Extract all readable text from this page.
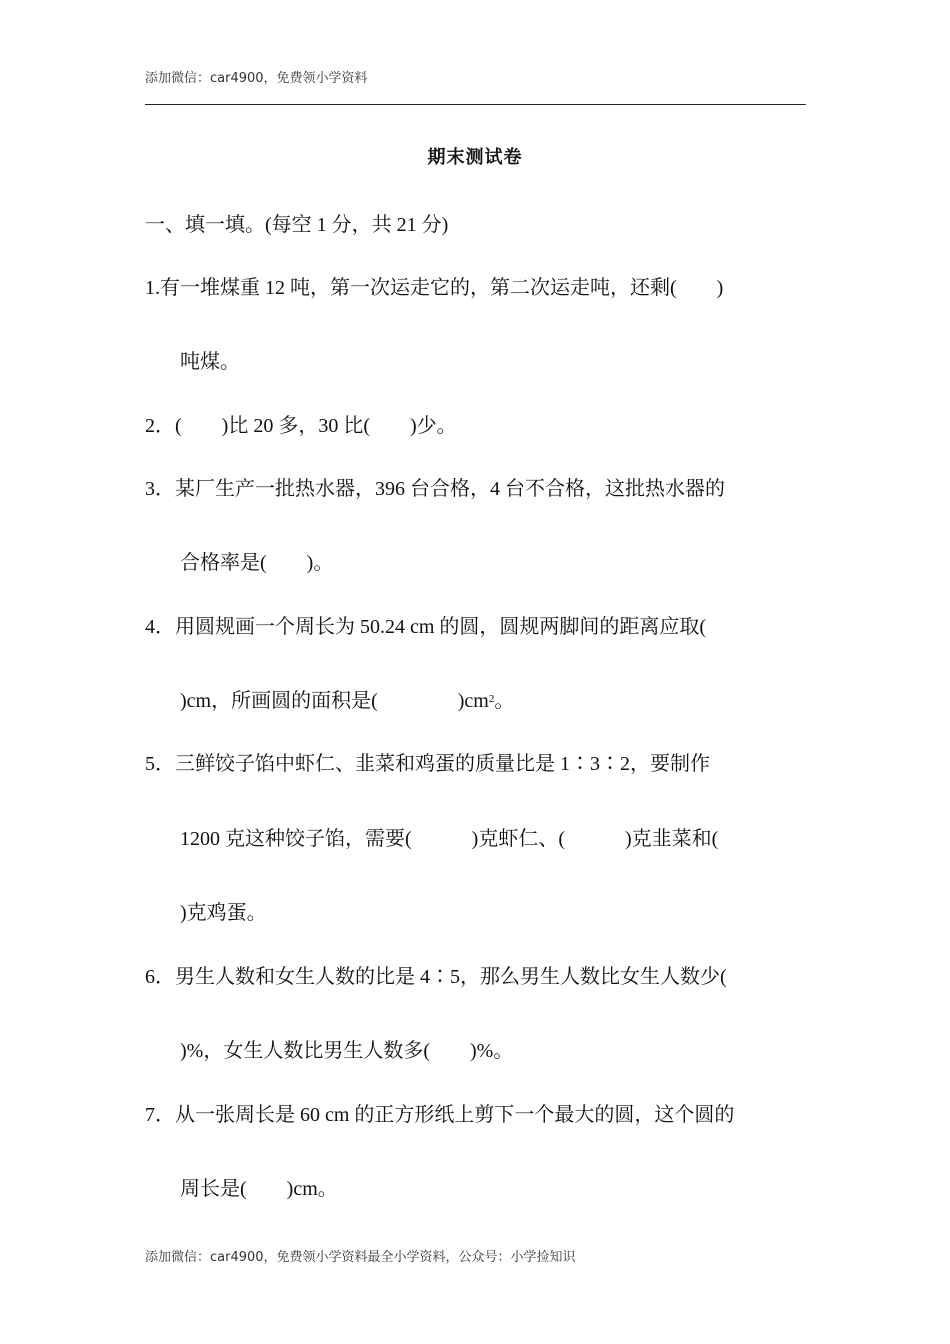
添加微信：car4900，免费领小学资料
期末测试卷
一、填一填。(每空 1 分，共 21 分)
1.有一堆煤重 12 吨，第一次运走它的，第二次运走吨，还剩(　　)
吨煤。
2．(　　)比 20 多，30 比(　　)少。
3．某厂生产一批热水器，396 台合格，4 台不合格，这批热水器的
合格率是(　　)。
4．用圆规画一个周长为 50.24 cm 的圆，圆规两脚间的距离应取(
)cm，所画圆的面积是(　　　　)$cm^2$。
5．三鲜饺子馅中虾仁、韭菜和鸡蛋的质量比是 1∶3∶2，要制作
1200 克这种饺子馅，需要(　　　)克虾仁、(　　　)克韭菜和(
)克鸡蛋。
6．男生人数和女生人数的比是 4∶5，那么男生人数比女生人数少(
)%，女生人数比男生人数多(　　)%。
7．从一张周长是 60 cm 的正方形纸上剪下一个最大的圆，这个圆的
周长是(　　)cm。
添加微信：car4900，免费领小学资料最全小学资料，公众号：小学捡知识
